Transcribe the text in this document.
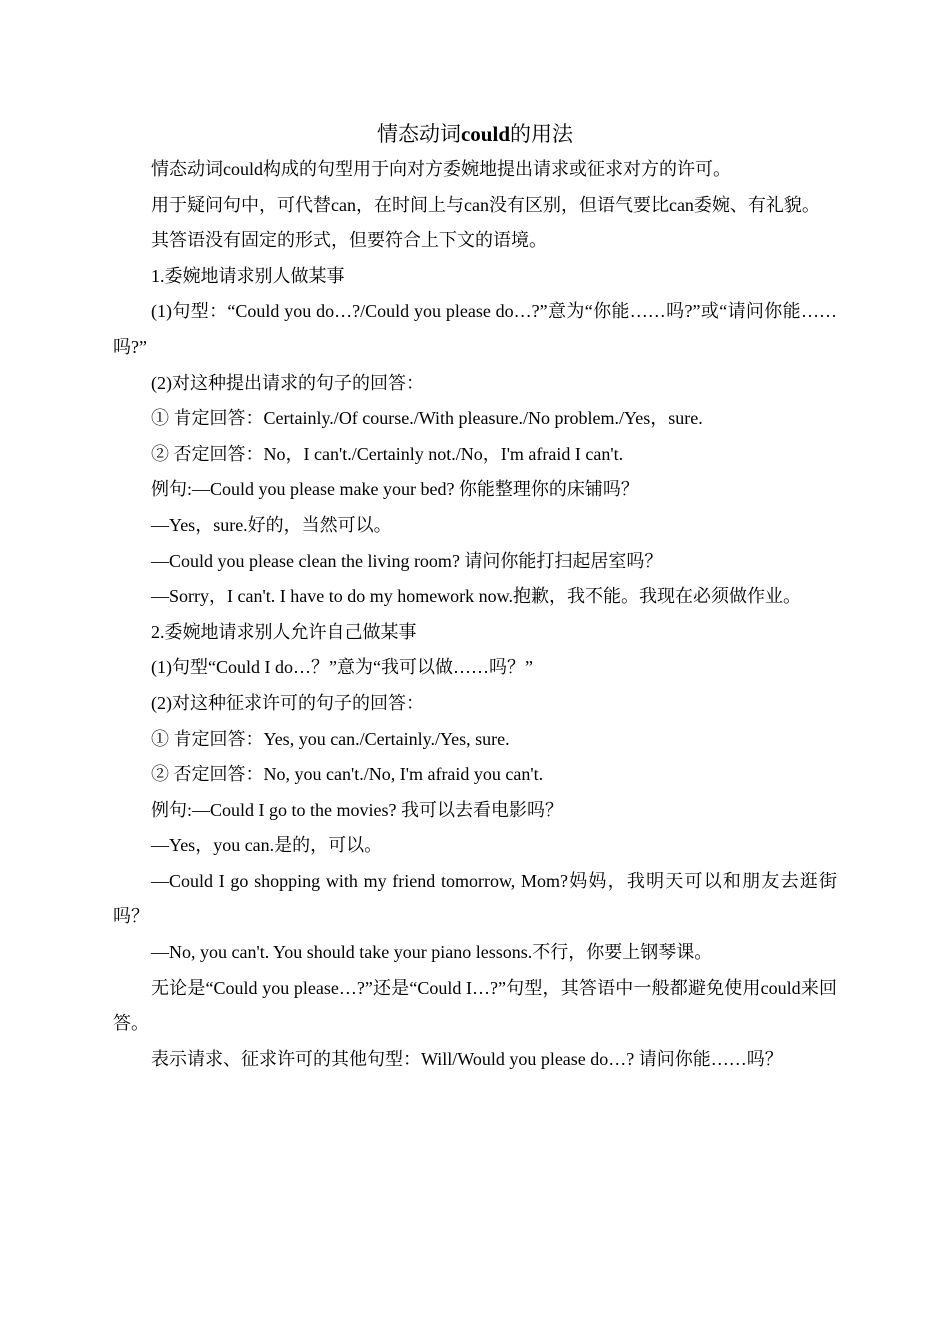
情态动词could的用法

情态动词could构成的句型用于向对方委婉地提出请求或征求对方的许可。

用于疑问句中，可代替can，在时间上与can没有区别，但语气要比can委婉、有礼貌。

其答语没有固定的形式，但要符合上下文的语境。

1.委婉地请求别人做某事

(1)句型：“Could you do…?/Could you please do…?”意为“你能……吗?”或“请问你能……吗?”

(2)对这种提出请求的句子的回答：

① 肯定回答：Certainly./Of course./With pleasure./No problem./Yes，sure.

② 否定回答：No，I can't./Certainly not./No，I'm afraid I can't.

例句:—Could you please make your bed? 你能整理你的床铺吗？

—Yes，sure.好的，当然可以。

—Could you please clean the living room? 请问你能打扫起居室吗？

—Sorry，I can't. I have to do my homework now.抱歉，我不能。我现在必须做作业。

2.委婉地请求别人允许自己做某事

(1)句型“Could I do…？”意为“我可以做……吗？”

(2)对这种征求许可的句子的回答：

① 肯定回答：Yes, you can./Certainly./Yes, sure.

② 否定回答：No, you can't./No, I'm afraid you can't.

例句:—Could I go to the movies? 我可以去看电影吗？

—Yes，you can.是的，可以。

—Could I go shopping with my friend tomorrow, Mom?妈妈，我明天可以和朋友去逛街吗？

—No, you can't. You should take your piano lessons.不行，你要上钢琴课。

无论是“Could you please…?”还是“Could I…?”句型，其答语中一般都避免使用could来回答。

表示请求、征求许可的其他句型：Will/Would you please do…? 请问你能……吗？
